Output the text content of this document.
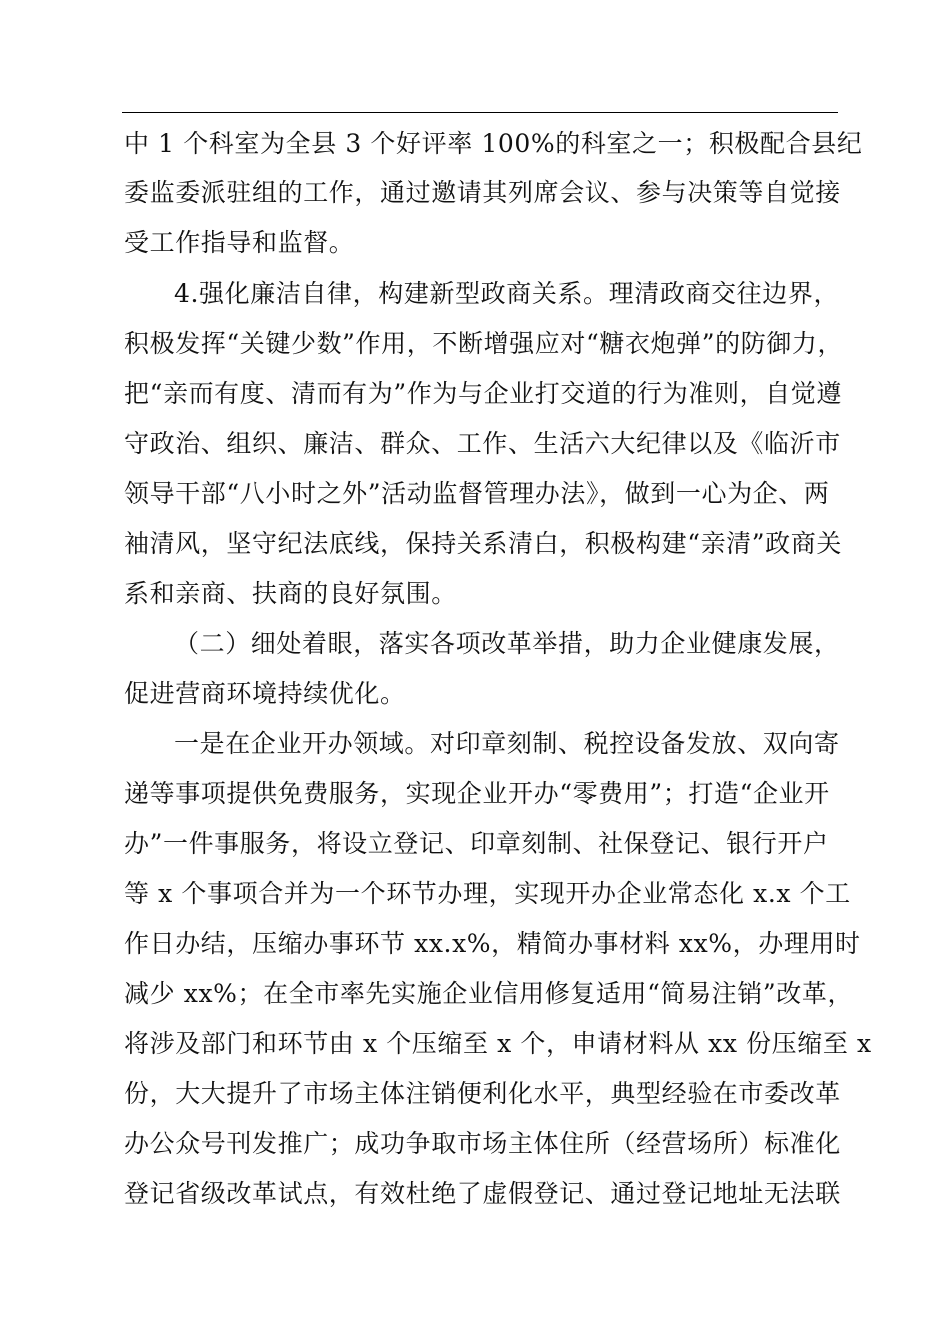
中 1 个科室为全县 3 个好评率 100%的科室之一；积极配合县纪
委监委派驻组的工作，通过邀请其列席会议、参与决策等自觉接
受工作指导和监督。
4.强化廉洁自律，构建新型政商关系。理清政商交往边界，
积极发挥“关键少数”作用，不断增强应对“糖衣炮弹”的防御力，
把“亲而有度、清而有为”作为与企业打交道的行为准则，自觉遵
守政治、组织、廉洁、群众、工作、生活六大纪律以及《临沂市
领导干部“八小时之外”活动监督管理办法》，做到一心为企、两
袖清风，坚守纪法底线，保持关系清白，积极构建“亲清”政商关
系和亲商、扶商的良好氛围。
（二）细处着眼，落实各项改革举措，助力企业健康发展，
促进营商环境持续优化。
一是在企业开办领域。对印章刻制、税控设备发放、双向寄
递等事项提供免费服务，实现企业开办“零费用”；打造“企业开
办”一件事服务，将设立登记、印章刻制、社保登记、银行开户
等 x 个事项合并为一个环节办理，实现开办企业常态化 x.x 个工
作日办结，压缩办事环节 xx.x%，精简办事材料 xx%，办理用时
减少 xx%；在全市率先实施企业信用修复适用“简易注销”改革，
将涉及部门和环节由 x 个压缩至 x 个，申请材料从 xx 份压缩至 x
份，大大提升了市场主体注销便利化水平，典型经验在市委改革
办公众号刊发推广；成功争取市场主体住所（经营场所）标准化
登记省级改革试点，有效杜绝了虚假登记、通过登记地址无法联
